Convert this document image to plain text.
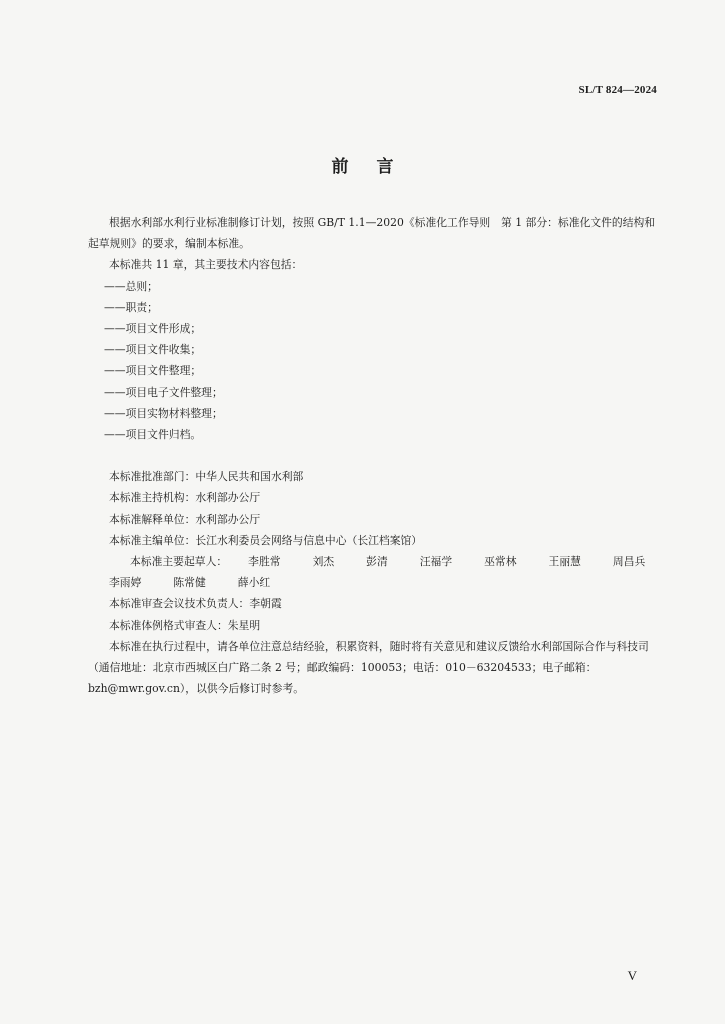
SL/T 824—2024
前言

根据水利部水利行业标准制修订计划，按照 GB/T 1.1—2020《标准化工作导则　第 1 部分：标准化文件的结构和起草规则》的要求，编制本标准。

本标准共 11 章，其主要技术内容包括：

——总则；

——职责；

——项目文件形成；

——项目文件收集；

——项目文件整理；

——项目电子文件整理；

——项目实物材料整理；

——项目文件归档。

本标准批准部门：中华人民共和国水利部

本标准主持机构：水利部办公厅

本标准解释单位：水利部办公厅

本标准主编单位：长江水利委员会网络与信息中心（长江档案馆）

本标准主要起草人： 李胜常	刘杰	彭清	汪福学	巫常林	王丽慧	周昌兵李雨婷	陈常健	薛小红

本标准审查会议技术负责人：李朝霞

本标准体例格式审查人：朱星明

本标准在执行过程中，请各单位注意总结经验，积累资料，随时将有关意见和建议反馈给水利部国际合作与科技司（通信地址：北京市西城区白广路二条 2 号；邮政编码：100053；电话：010－63204533；电子邮箱：bzh@mwr.gov.cn），以供今后修订时参考。

V
